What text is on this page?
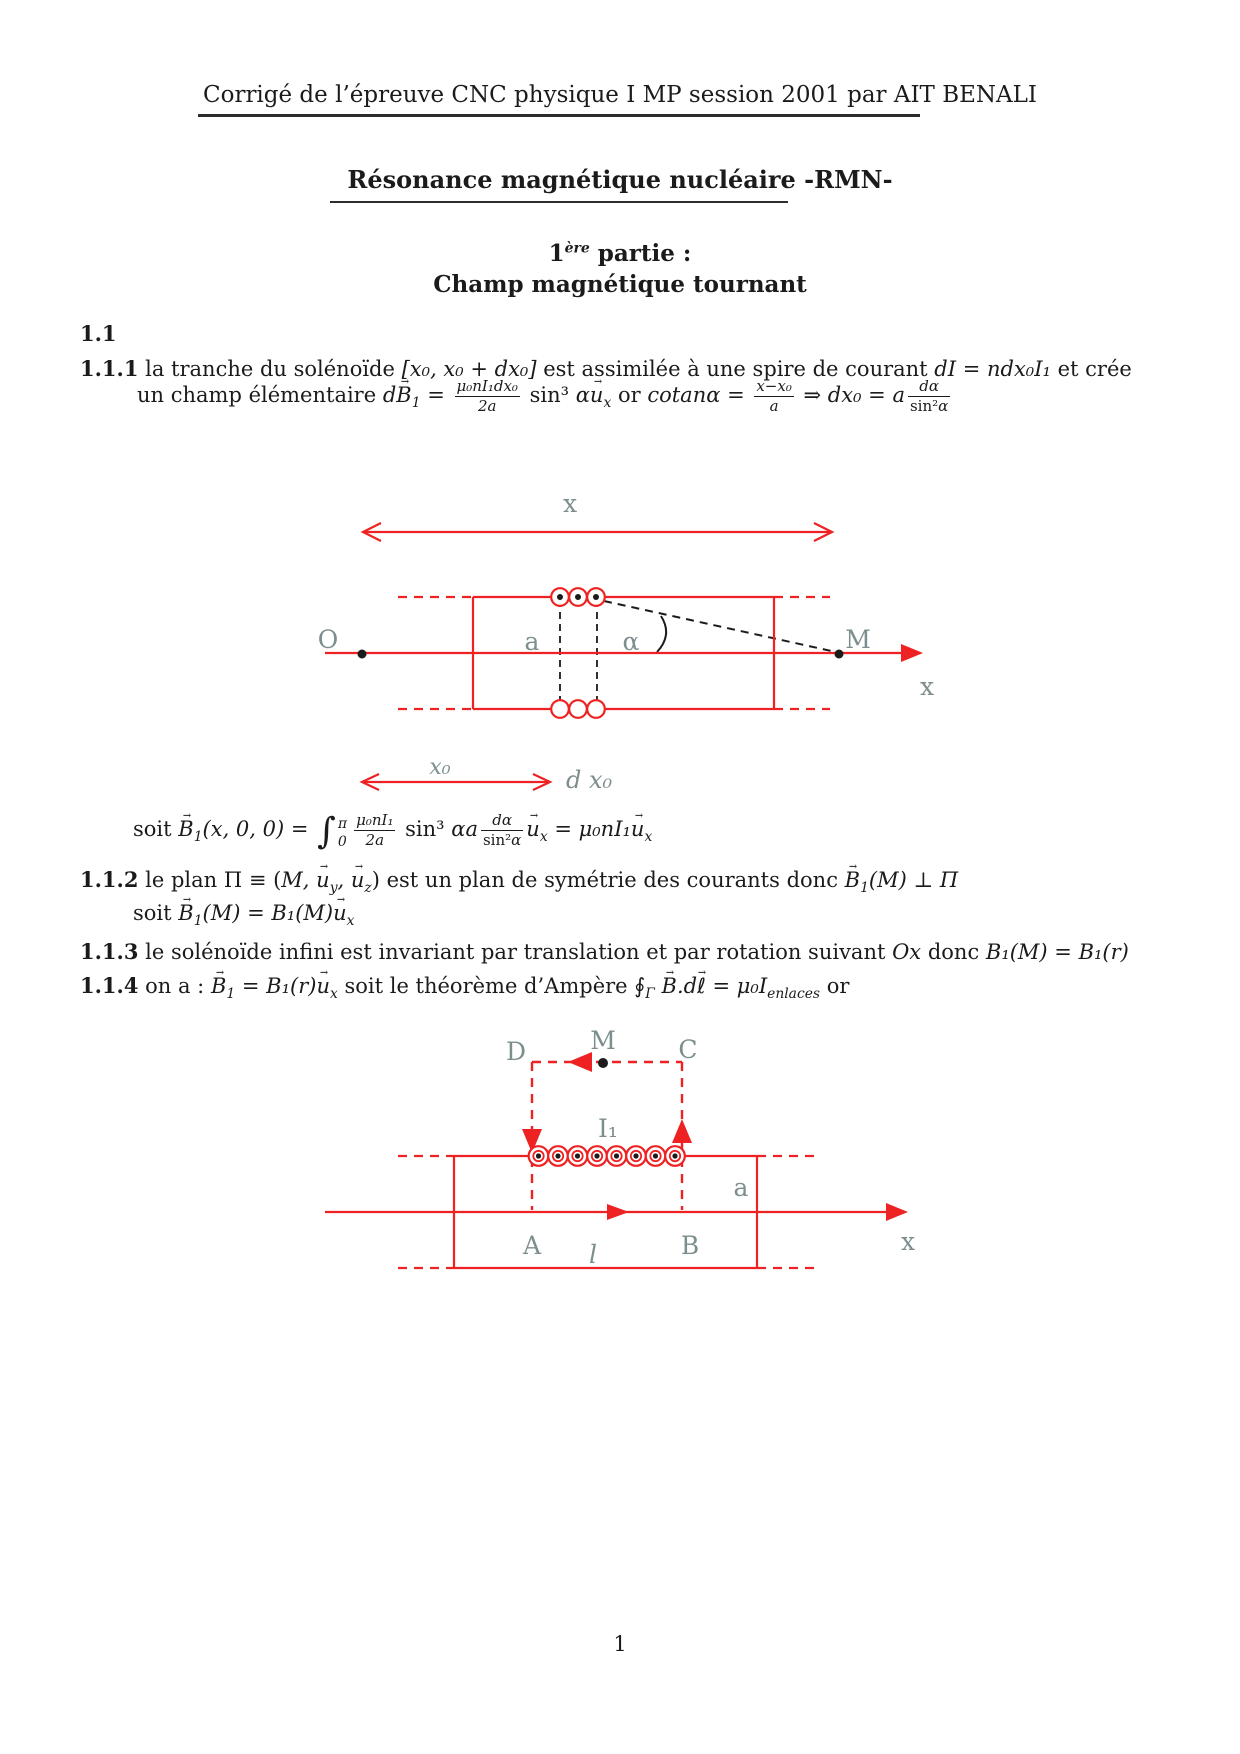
Corrigé de l’épreuve CNC physique I MP session 2001 par AIT BENALI
Résonance magnétique nucléaire -RMN-
1ère partie :
Champ magnétique tournant
1.1
1.1.1 la tranche du solénoïde [x₀, x₀ + dx₀] est assimilée à une spire de courant dI = ndx₀I₁ et crée
un champ élémentaire dB $\to_1 = \frac{\text{μ₀nI₁dx₀}}{2a} \sin^3$ $\alpha u \to_x$ or $cotan\alpha = \frac{\text{x−x₀}}{a}$ ⇒ dx₀ = a $\frac{d\alpha}{\text{sin²α}}$
soit $B \to_1(x$, 0, 0) = ∫ π
$0 \frac{\text{μ₀nI₁}}{2a} \sin^3$ αa $\frac{d\alpha}{\text{sin²α}}$ $u \to_x = \mu_0nI_1u \to_x$
1.1.2 le plan Π ≡ (M, $u \to_y$, $u \to_z$) est un plan de symétrie des courants donc $B \to_1(M)$ ⊥ Π
soit $B \to_1(M) = B_1(M)u \to_x$
1.1.3 le solénoïde infini est invariant par translation et par rotation suivant Ox donc B₁(M) = B₁(r)
1.1.4 on a : $B \to_1 = B_1(r)u \to_x$ soit le théorème d’Ampère $∮_\Gamma$ B →.dℓ → = $\mu_0I_{enlaces}$ or
x
x
O	M
a	α
x₀	d x₀
D	M	C
I₁
A	B
l
a
x
1
